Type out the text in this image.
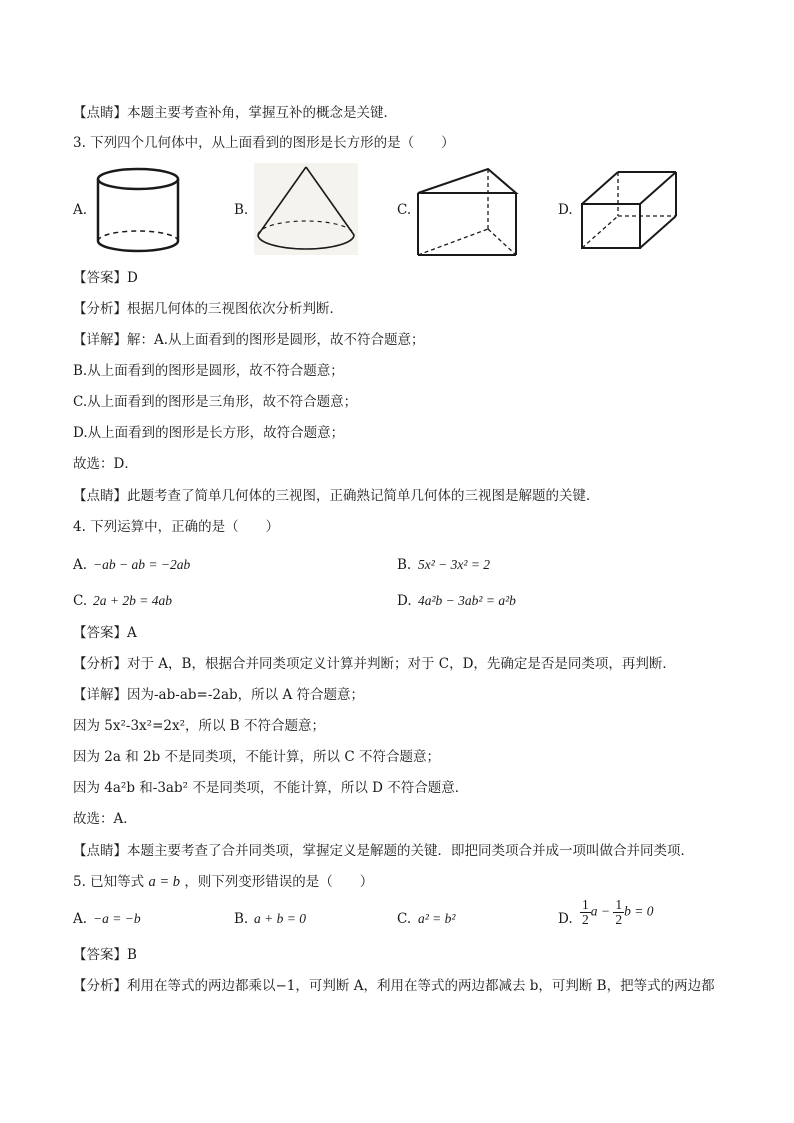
【点睛】本题主要考查补角，掌握互补的概念是关键．
3. 下列四个几何体中，从上面看到的图形是长方形的是（　　）
A.	B.	C.	D.
【答案】D
【分析】根据几何体的三视图依次分析判断．
【详解】解：A.从上面看到的图形是圆形，故不符合题意；
B.从上面看到的图形是圆形，故不符合题意；
C.从上面看到的图形是三角形，故不符合题意；
D.从上面看到的图形是长方形，故符合题意；
故选：D．
【点睛】此题考查了简单几何体的三视图，正确熟记简单几何体的三视图是解题的关键．
4. 下列运算中，正确的是（　　）
A. −ab − ab = −2ab	B. 5x² − 3x² = 2
C. 2a + 2b = 4ab	D. 4a²b − 3ab² = a²b
【答案】A
【分析】对于 A，B，根据合并同类项定义计算并判断；对于 C，D，先确定是否是同类项，再判断．
【详解】因为-ab-ab=-2ab，所以 A 符合题意；
因为 5x²-3x²=2x²，所以 B 不符合题意；
因为 2a 和 2b 不是同类项，不能计算，所以 C 不符合题意；
因为 4a²b 和-3ab² 不是同类项，不能计算，所以 D 不符合题意．
故选：A．
【点睛】本题主要考查了合并同类项，掌握定义是解题的关键．即把同类项合并成一项叫做合并同类项．
5. 已知等式 a = b ，则下列变形错误的是（　　）
A. −a = −b	B. a + b = 0	C. a² = b²	D. $\frac{1}{2}$ $a - \frac{1}{2}$ b = 0
【答案】B
【分析】利用在等式的两边都乘以−1，可判断 A，利用在等式的两边都减去 b，可判断 B，把等式的两边都
